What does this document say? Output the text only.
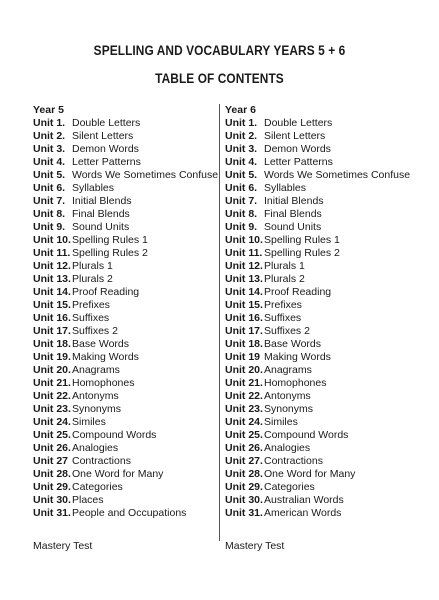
SPELLING AND VOCABULARY YEARS 5 + 6
TABLE OF CONTENTS
Year 5
Unit 1. Double Letters
Unit 2. Silent Letters
Unit 3. Demon Words
Unit 4. Letter Patterns
Unit 5. Words We Sometimes Confuse
Unit 6. Syllables
Unit 7. Initial Blends
Unit 8. Final Blends
Unit 9. Sound Units
Unit 10. Spelling Rules 1
Unit 11. Spelling Rules 2
Unit 12. Plurals 1
Unit 13. Plurals 2
Unit 14. Proof Reading
Unit 15. Prefixes
Unit 16. Suffixes
Unit 17. Suffixes 2
Unit 18. Base Words
Unit 19. Making Words
Unit 20. Anagrams
Unit 21. Homophones
Unit 22. Antonyms
Unit 23. Synonyms
Unit 24. Similes
Unit 25. Compound Words
Unit 26. Analogies
Unit 27 Contractions
Unit 28. One Word for Many
Unit 29. Categories
Unit 30. Places
Unit 31. People and Occupations
Year 6
Unit 1. Double Letters
Unit 2. Silent Letters
Unit 3. Demon Words
Unit 4. Letter Patterns
Unit 5. Words We Sometimes Confuse
Unit 6. Syllables
Unit 7. Initial Blends
Unit 8. Final Blends
Unit 9. Sound Units
Unit 10. Spelling Rules 1
Unit 11. Spelling Rules 2
Unit 12. Plurals 1
Unit 13. Plurals 2
Unit 14. Proof Reading
Unit 15. Prefixes
Unit 16. Suffixes
Unit 17. Suffixes 2
Unit 18. Base Words
Unit 19 Making Words
Unit 20. Anagrams
Unit 21. Homophones
Unit 22. Antonyms
Unit 23. Synonyms
Unit 24. Similes
Unit 25. Compound Words
Unit 26. Analogies
Unit 27. Contractions
Unit 28. One Word for Many
Unit 29. Categories
Unit 30. Australian Words
Unit 31. American Words
Mastery Test	Mastery Test
